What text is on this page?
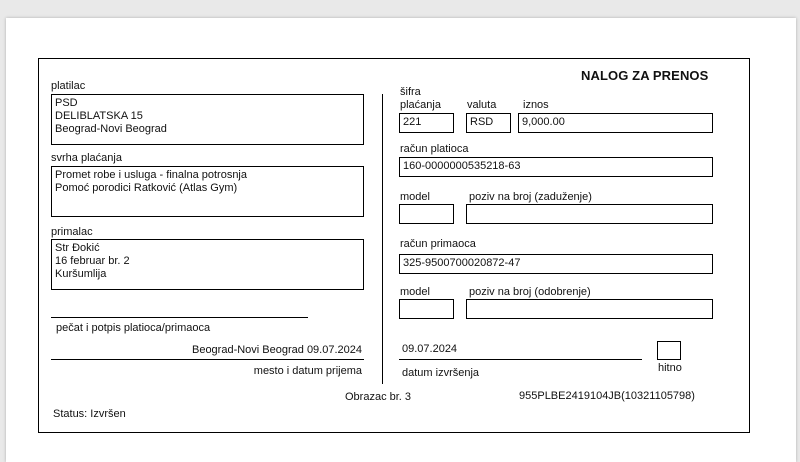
NALOG ZA PRENOS
platilac
PSD
DELIBLATSKA 15
Beograd-Novi Beograd
svrha plaćanja
Promet robe i usluga - finalna potrosnja
Pomoć porodici Ratković (Atlas Gym)
primalac
Str Đokić
16 februar br. 2
Kuršumlija
pečat i potpis platioca/primaoca
Beograd-Novi Beograd 09.07.2024
mesto i datum prijema
šifra
plaćanja
221
valuta
RSD
iznos
9,000.00
račun platioca
160-0000000535218-63
model	poziv na broj (zaduženje)
račun primaoca
325-9500700020872-47
model	poziv na broj (odobrenje)
09.07.2024
datum izvršenja	hitno
Obrazac br. 3	955PLBE2419104JB(10321105798)
Status: Izvršen
